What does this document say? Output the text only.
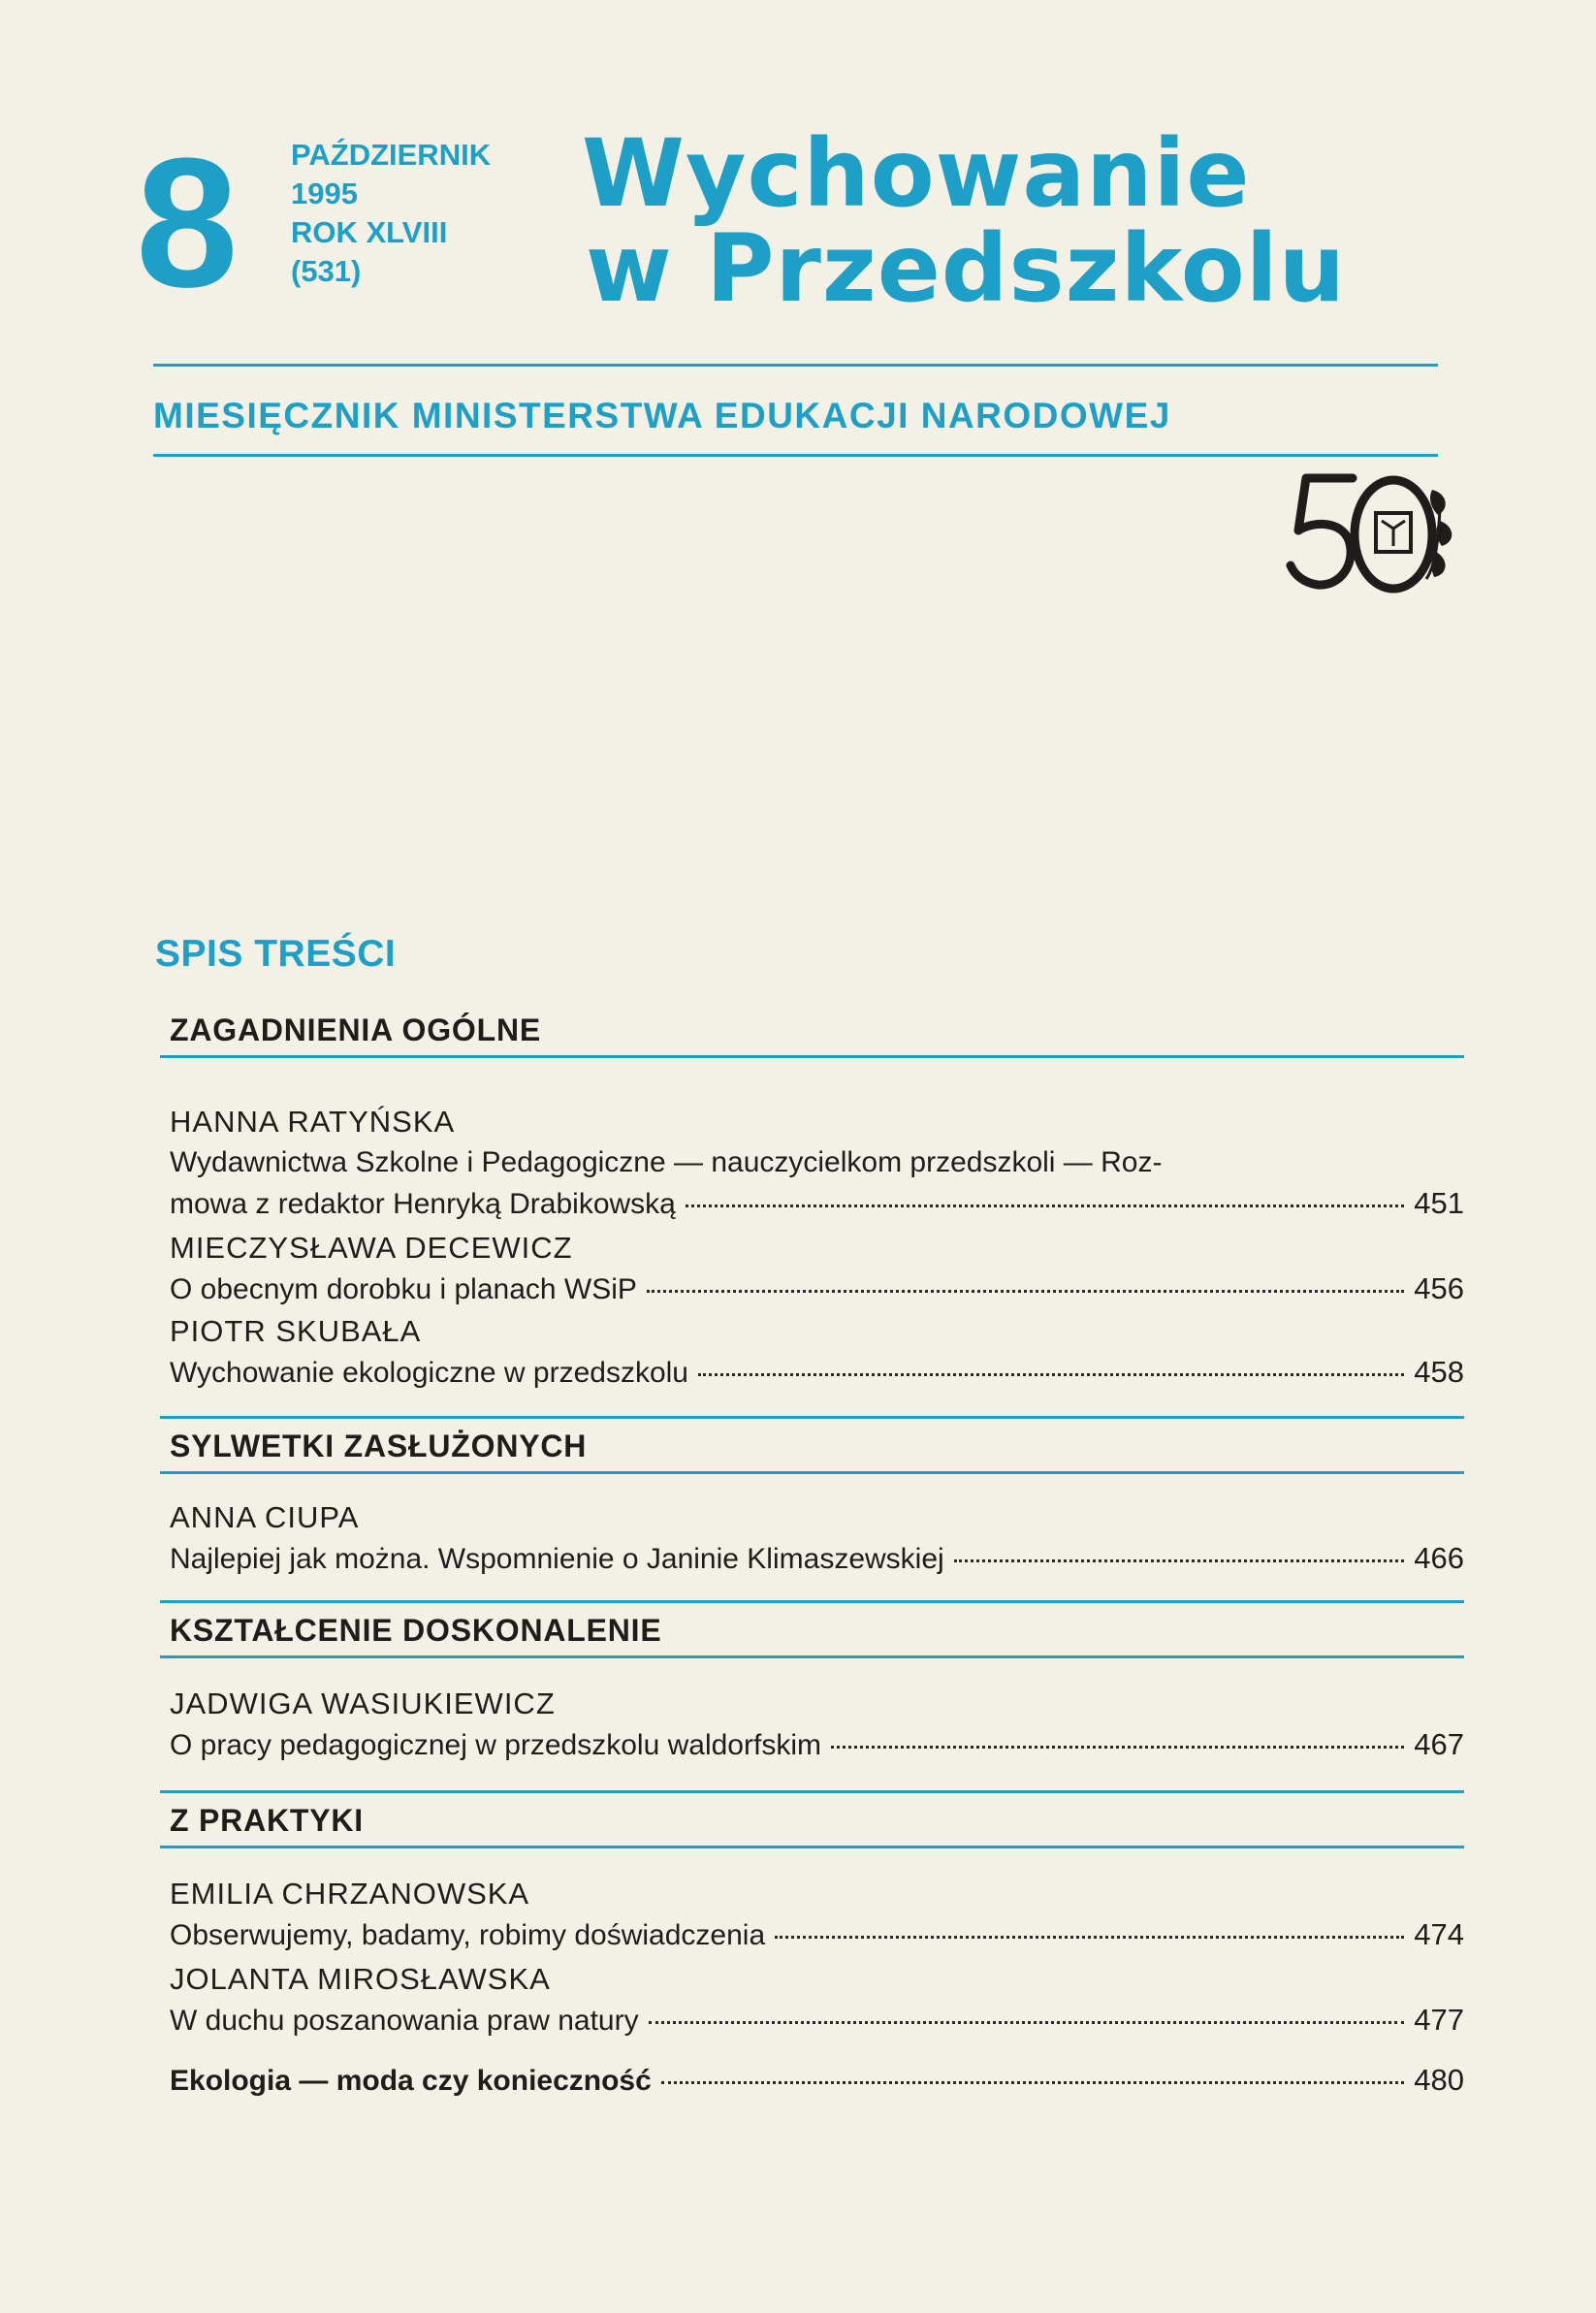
8 PAŹDZIERNIK
1995
ROK XLVIII
(531)
Wychowanie
w Przedszkolu
MIESIĘCZNIK MINISTERSTWA EDUKACJI NARODOWEJ
SPIS TREŚCI
ZAGADNIENIA OGÓLNE
HANNA RATYŃSKA
Wydawnictwa Szkolne i Pedagogiczne — nauczycielkom przedszkoli — Roz-
mowa z redaktor Henryką Drabikowską	451
MIECZYSŁAWA DECEWICZ
O obecnym dorobku i planach WSiP	456
PIOTR SKUBAŁA
Wychowanie ekologiczne w przedszkolu	458
SYLWETKI ZASŁUŻONYCH
ANNA CIUPA
Najlepiej jak można. Wspomnienie o Janinie Klimaszewskiej	466
KSZTAŁCENIE DOSKONALENIE
JADWIGA WASIUKIEWICZ
O pracy pedagogicznej w przedszkolu waldorfskim	467
Z PRAKTYKI
EMILIA CHRZANOWSKA
Obserwujemy, badamy, robimy doświadczenia	474
JOLANTA MIROSŁAWSKA
W duchu poszanowania praw natury	477
Ekologia — moda czy konieczność	480
